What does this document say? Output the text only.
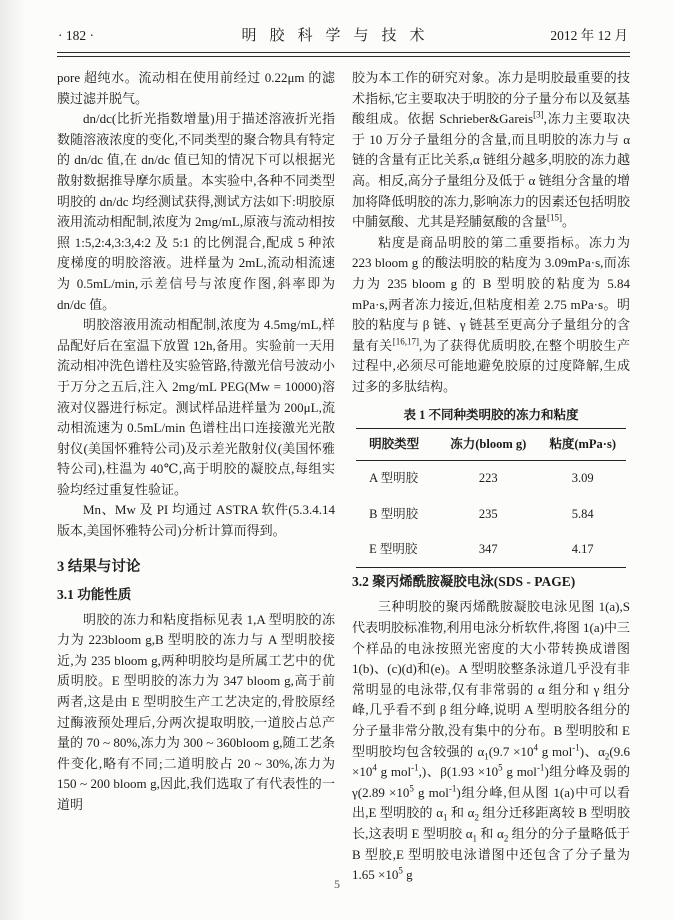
· 182 ·	明胶科学与技术	2012 年 12 月

pore 超纯水。流动相在使用前经过 0.22μm 的滤膜过滤并脱气。

dn/dc(比折光指数增量)用于描述溶液折光指数随溶液浓度的变化,不同类型的聚合物具有特定的 dn/dc 值,在 dn/dc 值已知的情况下可以根据光散射数据推导摩尔质量。本实验中,各种不同类型明胶的 dn/dc 均经测试获得,测试方法如下:明胶原液用流动相配制,浓度为 2mg/mL,原液与流动相按照 1:5,2:4,3:3,4:2 及 5:1 的比例混合,配成 5 种浓度梯度的明胶溶液。进样量为 2mL,流动相流速为 0.5mL/min,示差信号与浓度作图,斜率即为 dn/dc 值。

明胶溶液用流动相配制,浓度为 4.5mg/mL,样品配好后在室温下放置 12h,备用。实验前一天用流动相冲洗色谱柱及实验管路,待激光信号波动小于万分之五后,注入 2mg/mL PEG(Mw = 10000)溶液对仪器进行标定。测试样品进样量为 200μL,流动相流速为 0.5mL/min 色谱柱出口连接激光光散射仪(美国怀雅特公司)及示差光散射仪(美国怀雅特公司),柱温为 40℃,高于明胶的凝胶点,每组实验均经过重复性验证。

Mn、Mw 及 PI 均通过 ASTRA 软件(5.3.4.14 版本,美国怀雅特公司)分析计算而得到。

3 结果与讨论
3.1 功能性质

明胶的冻力和粘度指标见表 1,A 型明胶的冻力为 223bloom g,B 型明胶的冻力与 A 型明胶接近,为 235 bloom g,两种明胶均是所属工艺中的优质明胶。E 型明胶的冻力为 347 bloom g,高于前两者,这是由 E 型明胶生产工艺决定的,骨胶原经过酶液预处理后,分两次提取明胶,一道胶占总产量的 70 ~ 80%,冻力为 300 ~ 360bloom g,随工艺条件变化,略有不同;二道明胶占 20 ~ 30%,冻力为 150 ~ 200 bloom g,因此,我们选取了有代表性的一道明

胶为本工作的研究对象。冻力是明胶最重要的技术指标,它主要取决于明胶的分子量分布以及氨基酸组成。依据 Schrieber&Gareis[3],冻力主要取决于 10 万分子量组分的含量,而且明胶的冻力与 α 链的含量有正比关系,α 链组分越多,明胶的冻力越高。相反,高分子量组分及低于 α 链组分含量的增加将降低明胶的冻力,影响冻力的因素还包括明胶中脯氨酸、尤其是羟脯氨酸的含量[15]。

粘度是商品明胶的第二重要指标。冻力为 223 bloom g 的酸法明胶的粘度为 3.09mPa·s,而冻力为 235 bloom g 的 B 型明胶的粘度为 5.84 mPa·s,两者冻力接近,但粘度相差 2.75 mPa·s。明胶的粘度与 β 链、γ 链甚至更高分子量组分的含量有关[16,17],为了获得优质明胶,在整个明胶生产过程中,必须尽可能地避免胶原的过度降解,生成过多的多肽结构。

表 1 不同种类明胶的冻力和粘度
明胶类型	冻力(bloom g)	粘度(mPa·s)
A 型明胶	223	3.09
B 型明胶	235	5.84
E 型明胶	347	4.17
3.2 聚丙烯酰胺凝胶电泳(SDS - PAGE)

三种明胶的聚丙烯酰胺凝胶电泳见图 1(a),S 代表明胶标准物,利用电泳分析软件,将图 1(a)中三个样品的电泳按照光密度的大小带转换成谱图 1(b)、(c)(d)和(e)。A 型明胶整条泳道几乎没有非常明显的电泳带,仅有非常弱的 α 组分和 γ 组分峰,几乎看不到 β 组分峰,说明 A 型明胶各组分的分子量非常分散,没有集中的分布。B 型明胶和 E 型明胶均包含较强的 $\alpha_1(9.7 \times 10^4$ g mol$^{-1}$)、$\alpha_2(9.6 \times 10^4$ g mol$^{-1}$,)、$\beta(1.93 \times 10^5$ g mol$^{-1}$)组分峰及弱的 $\gamma(2.89 \times 10^5$ g mol$^{-1}$)组分峰,但从图 1(a)中可以看出,E 型明胶的 $\alpha_1$ 和 $\alpha_2$ 组分迁移距离较 B 型明胶长,这表明 E 型明胶 $\alpha_1$ 和 $\alpha_2$ 组分的分子量略低于 B 型胶,E 型明胶电泳谱图中还包含了分子量为 $1.65 \times 10^5$ g

5
